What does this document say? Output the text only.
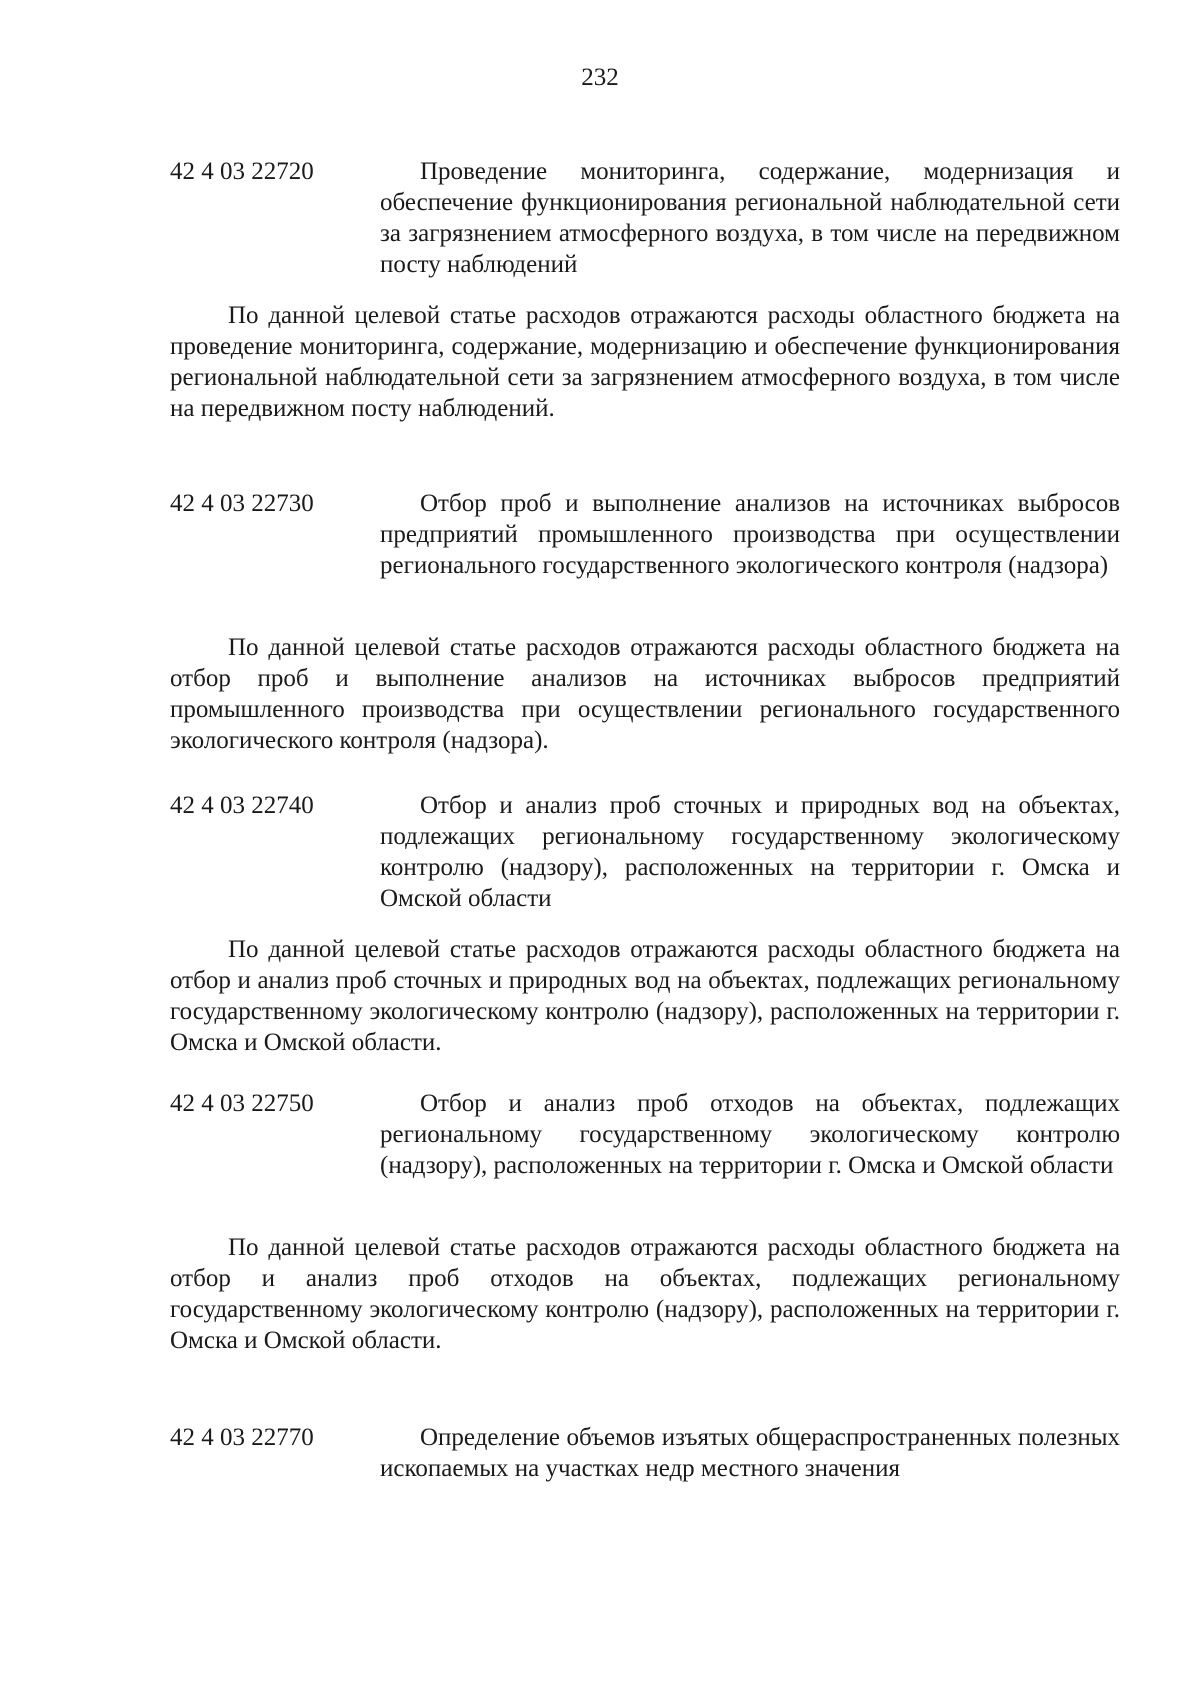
232
42 4 03 22720	Проведение мониторинга, содержание, модернизация и обеспечение функционирования региональной наблюдательной сети за загрязнением атмосферного воздуха, в том числе на передвижном посту наблюдений
По данной целевой статье расходов отражаются расходы областного бюджета на проведение мониторинга, содержание, модернизацию и обеспечение функционирования региональной наблюдательной сети за загрязнением атмосферного воздуха, в том числе на передвижном посту наблюдений.
42 4 03 22730	Отбор проб и выполнение анализов на источниках выбросов предприятий промышленного производства при осуществлении регионального государственного экологического контроля (надзора)
По данной целевой статье расходов отражаются расходы областного бюджета на отбор проб и выполнение анализов на источниках выбросов предприятий промышленного производства при осуществлении регионального государственного экологического контроля (надзора).
42 4 03 22740	Отбор и анализ проб сточных и природных вод на объектах, подлежащих региональному государственному экологическому контролю (надзору), расположенных на территории г. Омска и Омской области
По данной целевой статье расходов отражаются расходы областного бюджета на отбор и анализ проб сточных и природных вод на объектах, подлежащих региональному государственному экологическому контролю (надзору), расположенных на территории г. Омска и Омской области.
42 4 03 22750	Отбор и анализ проб отходов на объектах, подлежащих региональному государственному экологическому контролю (надзору), расположенных на территории г. Омска и Омской области
По данной целевой статье расходов отражаются расходы областного бюджета на отбор и анализ проб отходов на объектах, подлежащих региональному государственному экологическому контролю (надзору), расположенных на территории г. Омска и Омской области.
42 4 03 22770	Определение объемов изъятых общераспространенных полезных ископаемых на участках недр местного значения
